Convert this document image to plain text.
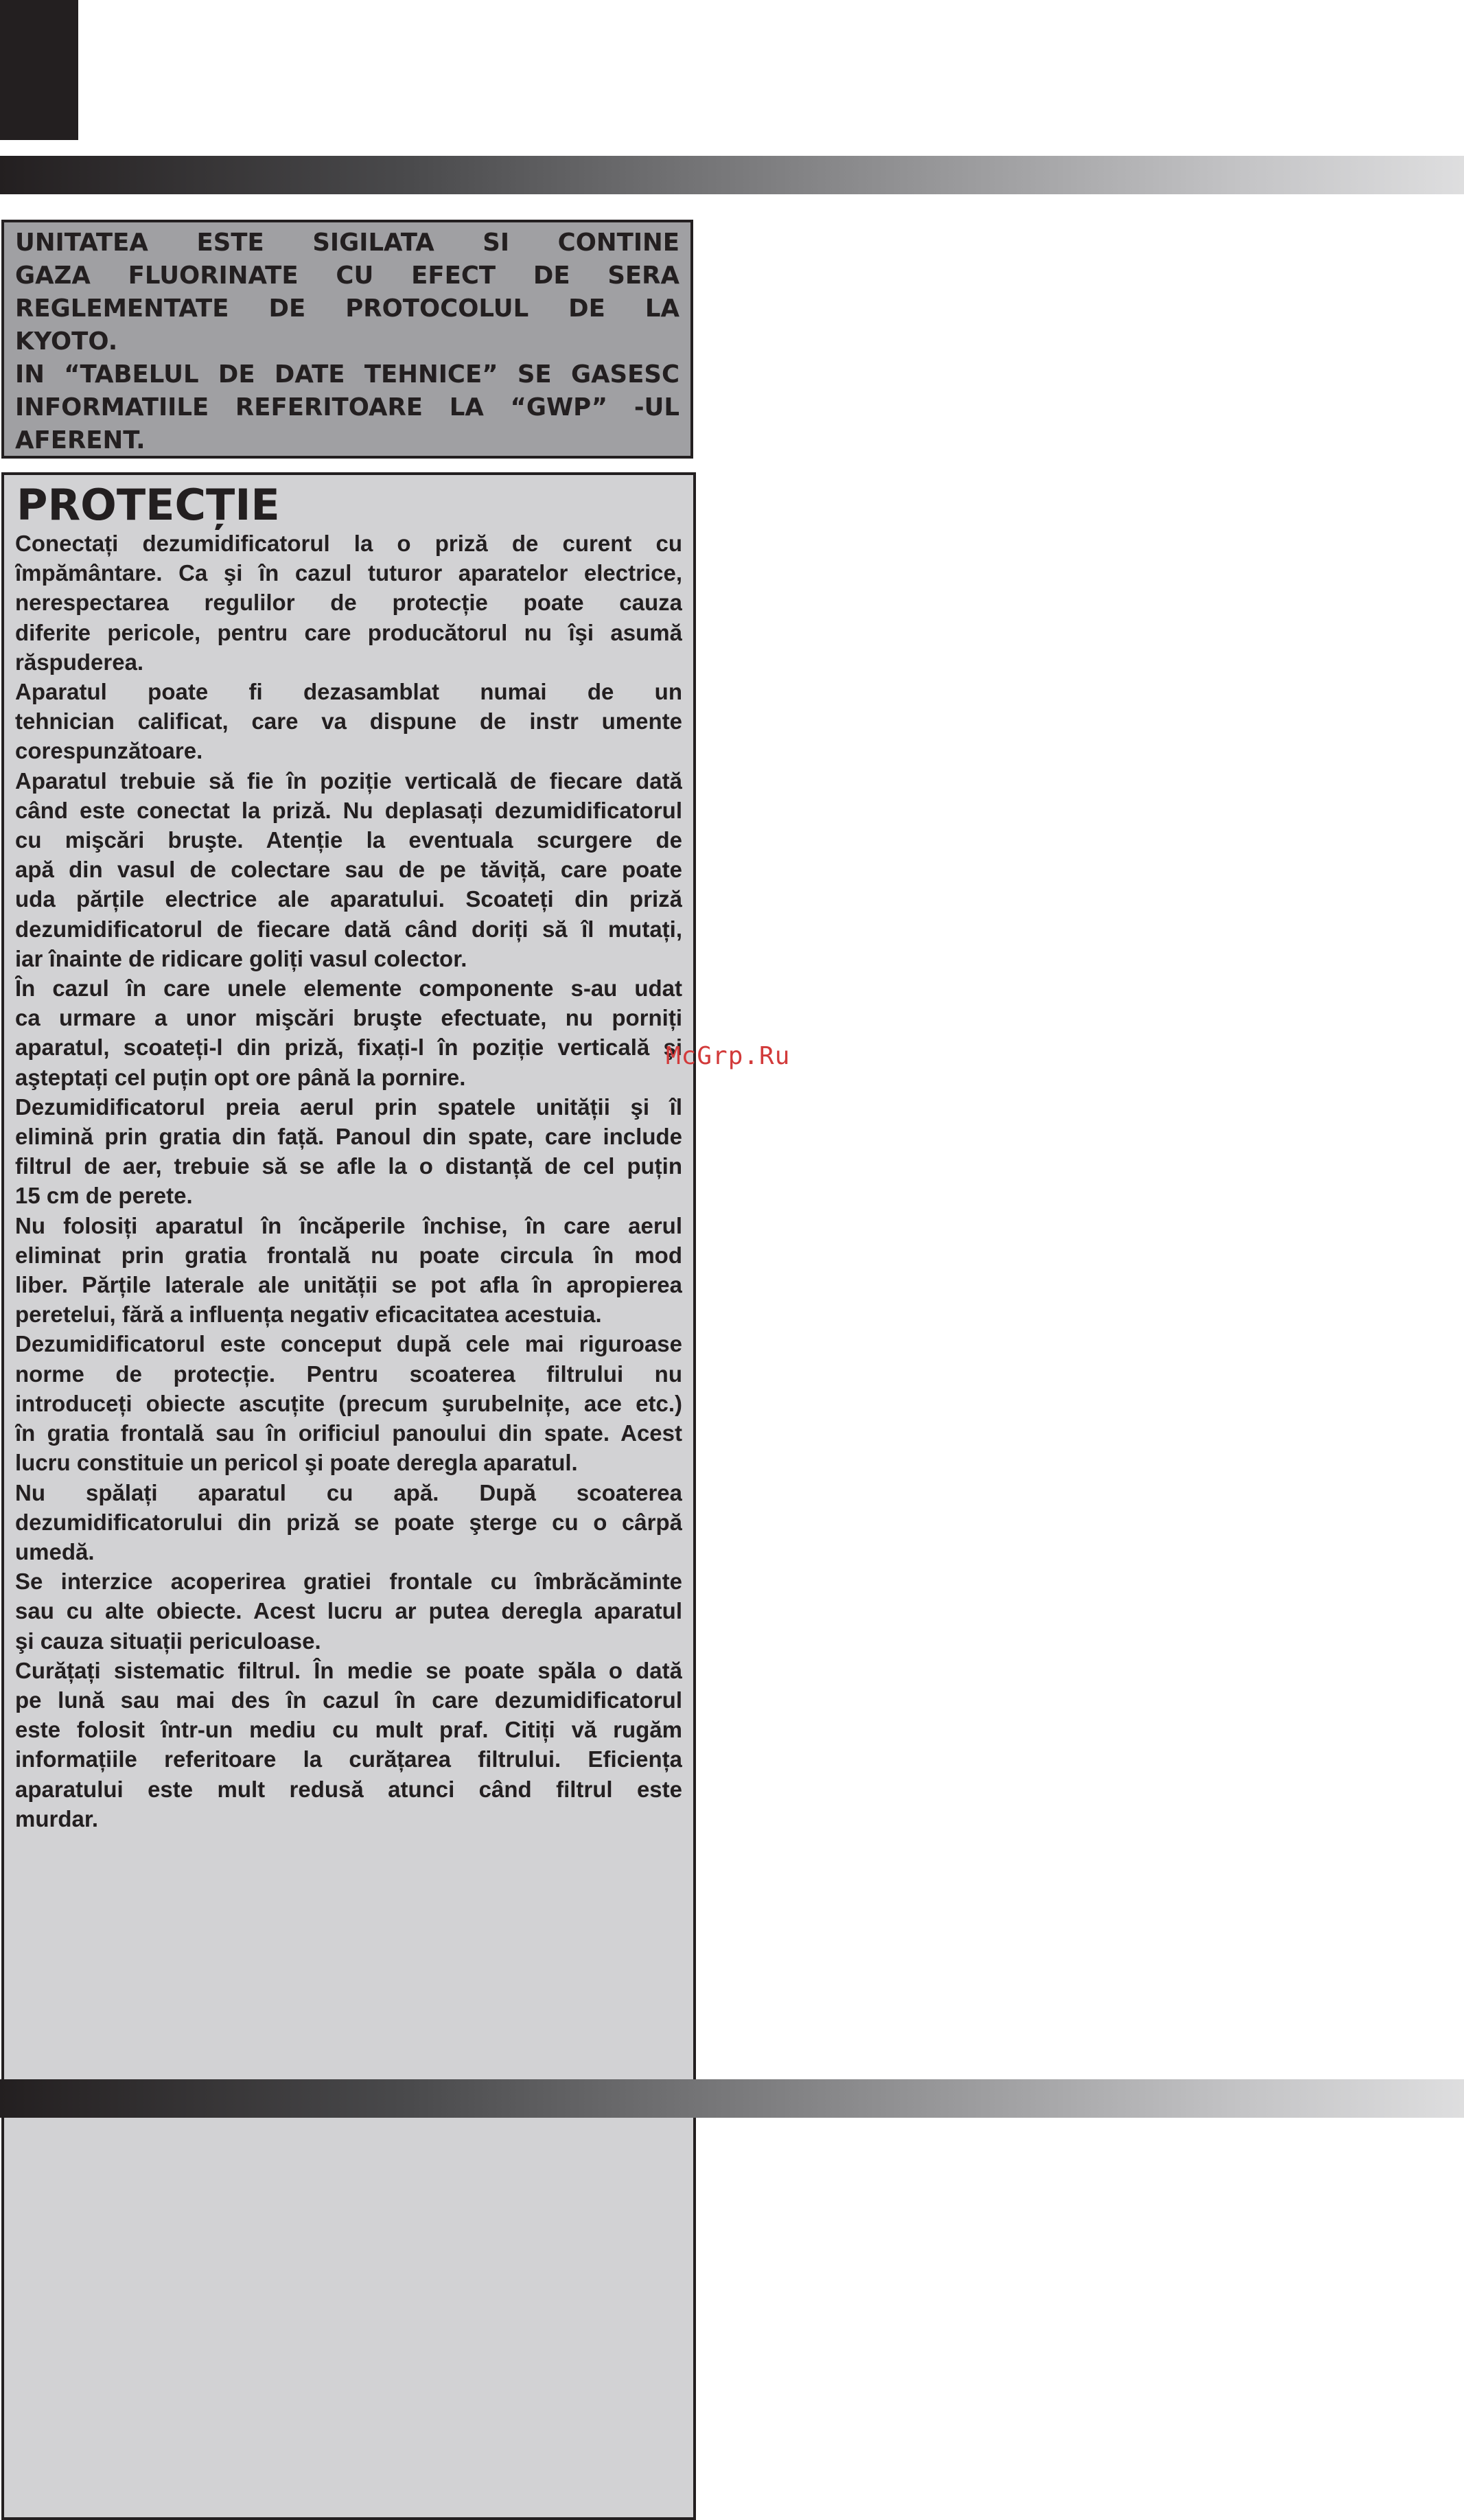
UNITATEA ESTE SIGILATA SI CONTINE

GAZA FLUORINATE CU EFECT DE SERA

REGLEMENTATE DE PROTOCOLUL DE LA

KYOTO.

IN “TABELUL DE DATE TEHNICE” SE GASESC

INFORMATIILE REFERITOARE LA “GWP” -UL

AFERENT.

PROTECȚIE

Conectați dezumidificatorul la o priză de curent cu

împământare. Ca şi în cazul tuturor aparatelor electrice,

nerespectarea regulilor de protecție poate cauza

diferite pericole, pentru care producătorul nu îşi asumă

răspuderea.

Aparatul poate fi dezasamblat numai de un

tehnician calificat, care va dispune de instr umente

corespunzătoare.

Aparatul trebuie să fie în poziție verticală de fiecare dată

când este conectat la priză. Nu deplasați dezumidificatorul

cu mişcări bruşte. Atenție la eventuala scurgere de

apă din vasul de colectare sau de pe tăviță, care poate

uda părțile electrice ale aparatului. Scoateți din priză

dezumidificatorul de fiecare dată când doriți să îl mutați,

iar înainte de ridicare goliți vasul colector.

În cazul în care unele elemente componente s-au udat

ca urmare a unor mişcări bruşte efectuate, nu porniți

aparatul, scoateți-l din priză, fixați-l în poziție verticală şi

aşteptați cel puțin opt ore până la pornire.

Dezumidificatorul preia aerul prin spatele unității şi îl

elimină prin gratia din față. Panoul din spate, care include

filtrul de aer, trebuie să se afle la o distanță de cel puțin

15 cm de perete.

Nu folosiți aparatul în încăperile închise, în care aerul

eliminat prin gratia frontală nu poate circula în mod

liber. Părțile laterale ale unității se pot afla în apropierea

peretelui, fără a influența negativ eficacitatea acestuia.

Dezumidificatorul este conceput după cele mai riguroase

norme de protecție. Pentru scoaterea filtrului nu

introduceți obiecte ascuțite (precum şurubelnițe, ace etc.)

în gratia frontală sau în orificiul panoului din spate. Acest

lucru constituie un pericol şi poate deregla aparatul.

Nu spălați aparatul cu apă. După scoaterea

dezumidificatorului din priză se poate şterge cu o cârpă

umedă.

Se interzice acoperirea gratiei frontale cu îmbrăcăminte

sau cu alte obiecte. Acest lucru ar putea deregla aparatul

şi cauza situații periculoase.

Curățați sistematic filtrul. În medie se poate spăla o dată

pe lună sau mai des în cazul în care dezumidificatorul

este folosit într-un mediu cu mult praf. Citiți vă rugăm

informațiile referitoare la curățarea filtrului. Eficiența

aparatului este mult redusă atunci când filtrul este

murdar.

McGrp.Ru
